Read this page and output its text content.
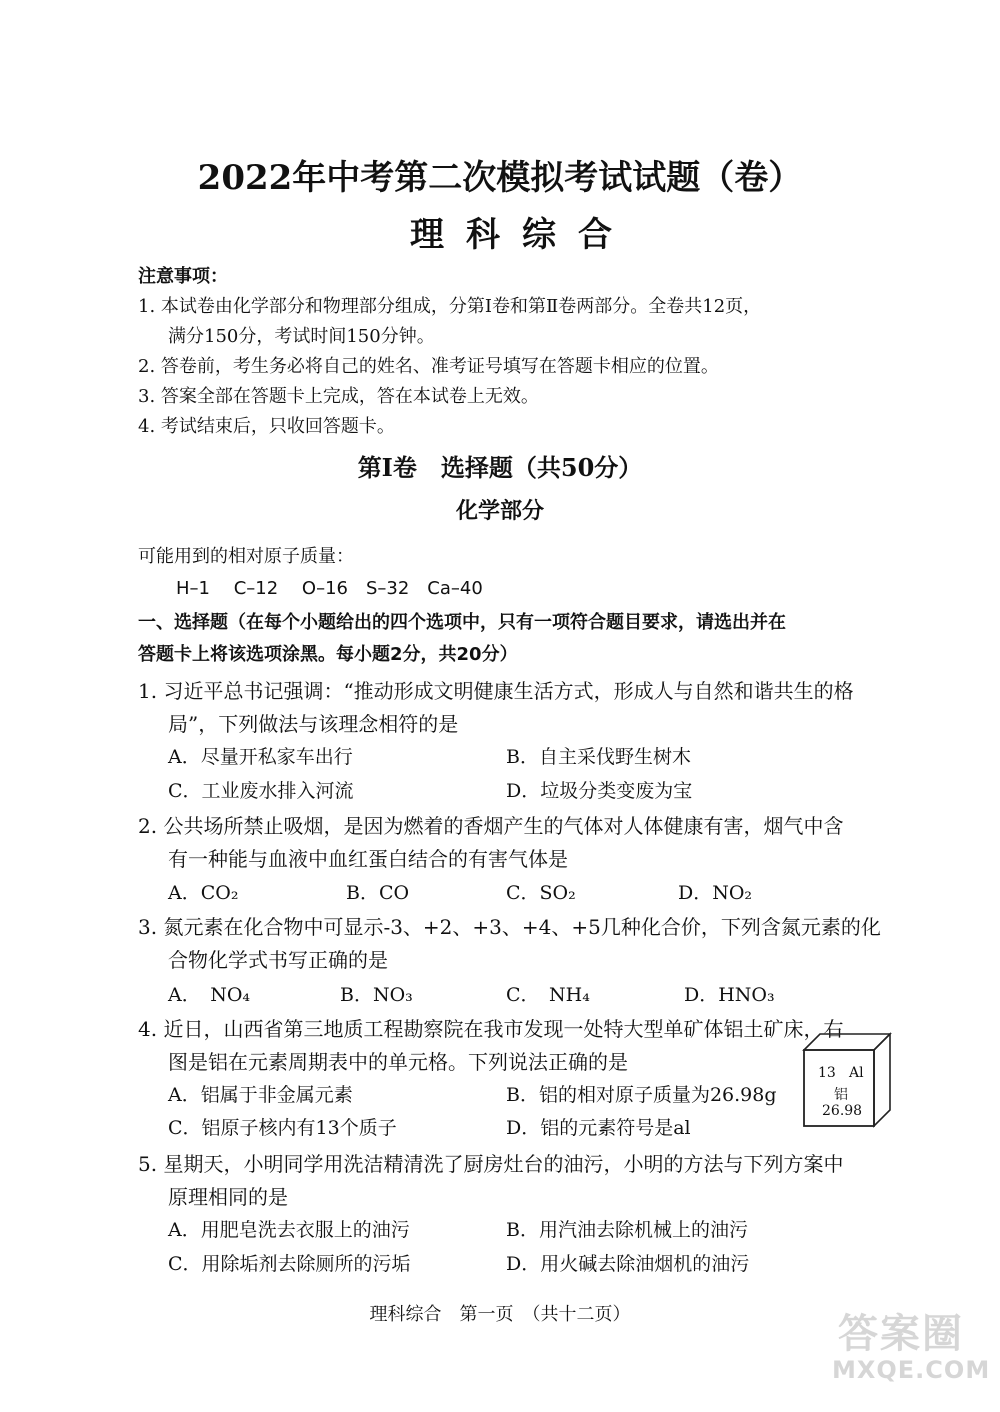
2022年中考第二次模拟考试试题（卷）
理科综合
注意事项：
1. 本试卷由化学部分和物理部分组成，分第Ⅰ卷和第Ⅱ卷两部分。全卷共12页，
满分150分，考试时间150分钟。
2. 答卷前，考生务必将自己的姓名、准考证号填写在答题卡相应的位置。
3. 答案全部在答题卡上完成，答在本试卷上无效。
4. 考试结束后，只收回答题卡。
第Ⅰ卷　选择题（共50分）
化学部分
可能用到的相对原子质量：
H–1　 C–12　 O–16　S–32　Ca–40
一、选择题（在每个小题给出的四个选项中，只有一项符合题目要求，请选出并在
答题卡上将该选项涂黑。每小题2分，共20分）
1. 习近平总书记强调：“推动形成文明健康生活方式，形成人与自然和谐共生的格
局”，下列做法与该理念相符的是
A．尽量开私家车出行	B．自主采伐野生树木
C．工业废水排入河流	D．垃圾分类变废为宝
2. 公共场所禁止吸烟，是因为燃着的香烟产生的气体对人体健康有害，烟气中含
有一种能与血液中血红蛋白结合的有害气体是
A．CO₂	B．CO	C．SO₂	D．NO₂
3. 氮元素在化合物中可显示-3、+2、+3、+4、+5几种化合价，下列含氮元素的化
合物化学式书写正确的是
A．　NO₄	B．NO₃	C．　NH₄	D．HNO₃
4. 近日，山西省第三地质工程勘察院在我市发现一处特大型单矿体铝土矿床，右
图是铝在元素周期表中的单元格。下列说法正确的是
A．铝属于非金属元素	B．铝的相对原子质量为26.98g
C．铝原子核内有13个质子	D．铝的元素符号是al
13 Al
铝
26.98
5. 星期天，小明同学用洗洁精清洗了厨房灶台的油污，小明的方法与下列方案中
原理相同的是
A．用肥皂洗去衣服上的油污	B．用汽油去除机械上的油污
C．用除垢剂去除厕所的污垢	D．用火碱去除油烟机的油污
理科综合　第一页　（共十二页）	答案圈
MXQE.COM
